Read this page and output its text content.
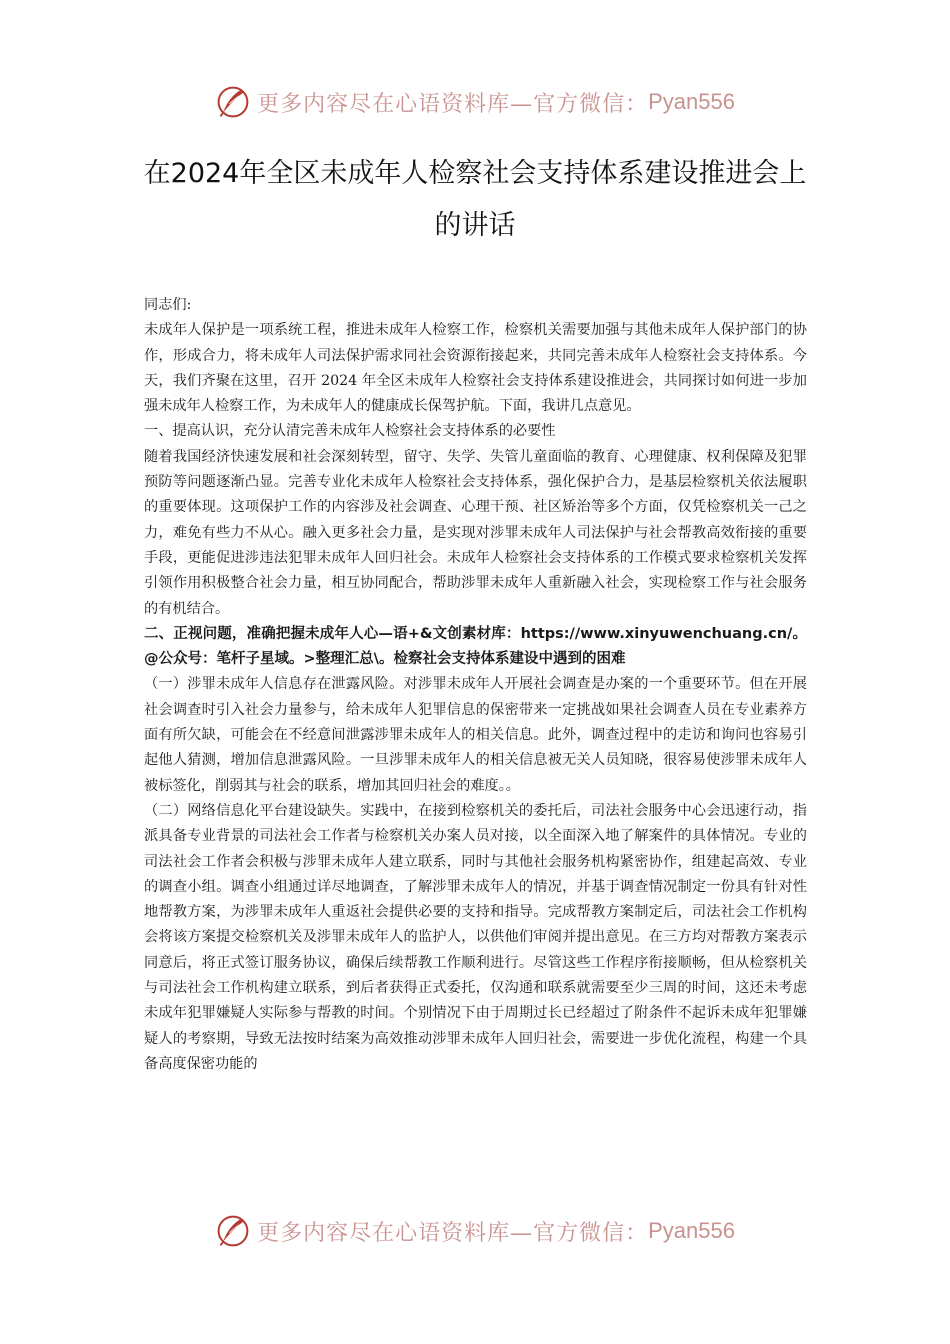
更多内容尽在心语资料库—官方微信： Pyan556
在2024年全区未成年人检察社会支持体系建设推进会上的讲话

同志们:

未成年人保护是一项系统工程，推进未成年人检察工作，检察机关需要加强与其他未成年人保护部门的协作，形成合力，将未成年人司法保护需求同社会资源衔接起来，共同完善未成年人检察社会支持体系。今天，我们齐聚在这里，召开 2024 年全区未成年人检察社会支持体系建设推进会，共同探讨如何进一步加强未成年人检察工作，为未成年人的健康成长保驾护航。下面，我讲几点意见。

一、提高认识，充分认清完善未成年人检察社会支持体系的必要性

随着我国经济快速发展和社会深刻转型，留守、失学、失管儿童面临的教育、心理健康、权利保障及犯罪预防等问题逐渐凸显。完善专业化未成年人检察社会支持体系，强化保护合力，是基层检察机关依法履职的重要体现。这项保护工作的内容涉及社会调查、心理干预、社区矫治等多个方面，仅凭检察机关一己之力，难免有些力不从心。融入更多社会力量，是实现对涉罪未成年人司法保护与社会帮教高效衔接的重要手段，更能促进涉违法犯罪未成年人回归社会。未成年人检察社会支持体系的工作模式要求检察机关发挥引领作用积极整合社会力量，相互协同配合，帮助涉罪未成年人重新融入社会，实现检察工作与社会服务的有机结合。

二、正视问题，准确把握未成年人心—语+&文创素材库：https://www.xinyuwenchuang.cn/。@公众号：笔杆子星域。>整理汇总\。检察社会支持体系建设中遇到的困难

（一）涉罪未成年人信息存在泄露风险。对涉罪未成年人开展社会调查是办案的一个重要环节。但在开展社会调查时引入社会力量参与，给未成年人犯罪信息的保密带来一定挑战如果社会调查人员在专业素养方面有所欠缺，可能会在不经意间泄露涉罪未成年人的相关信息。此外，调查过程中的走访和询问也容易引起他人猜测，增加信息泄露风险。一旦涉罪未成年人的相关信息被无关人员知晓，很容易使涉罪未成年人被标签化，削弱其与社会的联系，增加其回归社会的难度。。

（二）网络信息化平台建设缺失。实践中，在接到检察机关的委托后，司法社会服务中心会迅速行动，指派具备专业背景的司法社会工作者与检察机关办案人员对接，以全面深入地了解案件的具体情况。专业的司法社会工作者会积极与涉罪未成年人建立联系，同时与其他社会服务机构紧密协作，组建起高效、专业的调查小组。调查小组通过详尽地调查，了解涉罪未成年人的情况，并基于调查情况制定一份具有针对性地帮教方案，为涉罪未成年人重返社会提供必要的支持和指导。完成帮教方案制定后，司法社会工作机构会将该方案提交检察机关及涉罪未成年人的监护人，以供他们审阅并提出意见。在三方均对帮教方案表示同意后，将正式签订服务协议，确保后续帮教工作顺利进行。尽管这些工作程序衔接顺畅，但从检察机关与司法社会工作机构建立联系，到后者获得正式委托，仅沟通和联系就需要至少三周的时间，这还未考虑未成年犯罪嫌疑人实际参与帮教的时间。个别情况下由于周期过长已经超过了附条件不起诉未成年犯罪嫌疑人的考察期，导致无法按时结案为高效推动涉罪未成年人回归社会，需要进一步优化流程，构建一个具备高度保密功能的

更多内容尽在心语资料库—官方微信： Pyan556
